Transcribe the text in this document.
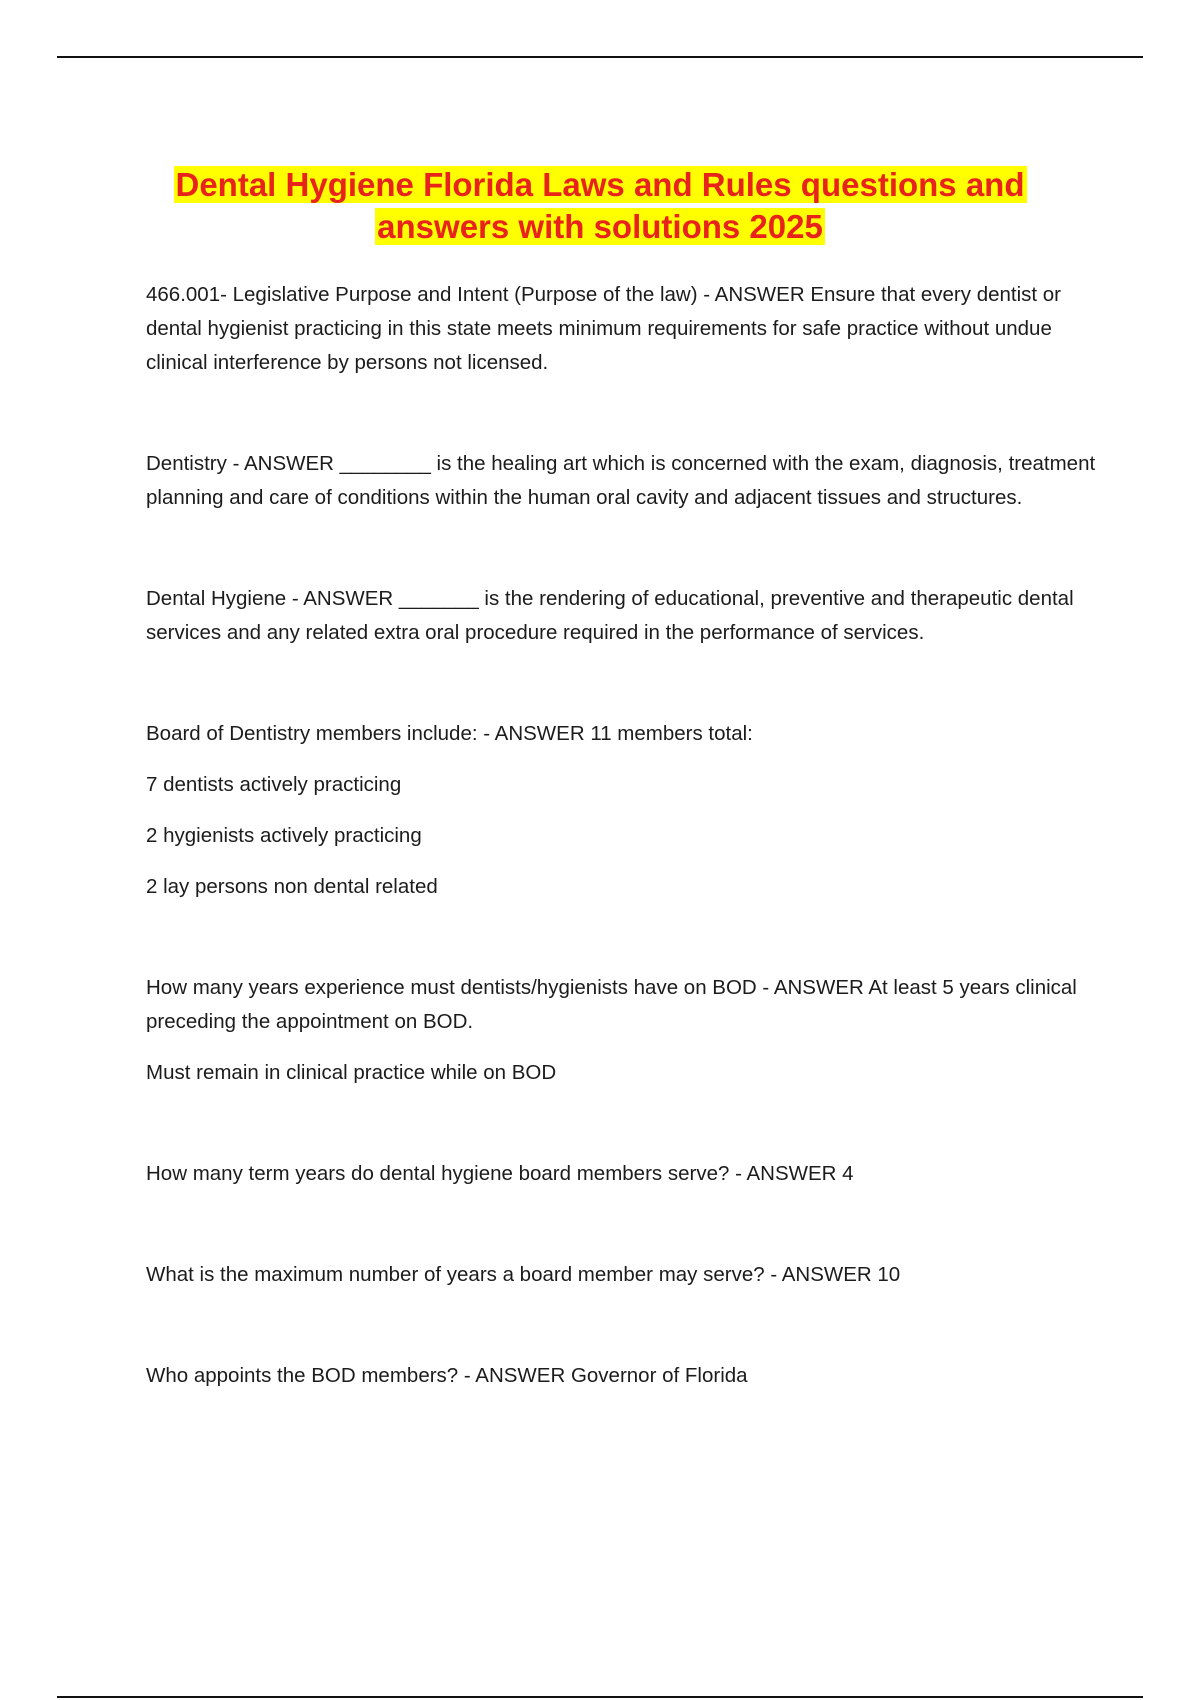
Dental Hygiene Florida Laws and Rules questions and
answers with solutions 2025

466.001- Legislative Purpose and Intent (Purpose of the law) - ANSWER Ensure that every dentist or dental hygienist practicing in this state meets minimum requirements for safe practice without undue clinical interference by persons not licensed.

Dentistry - ANSWER ________ is the healing art which is concerned with the exam, diagnosis, treatment planning and care of conditions within the human oral cavity and adjacent tissues and structures.

Dental Hygiene - ANSWER _______ is the rendering of educational, preventive and therapeutic dental services and any related extra oral procedure required in the performance of services.

Board of Dentistry members include: - ANSWER 11 members total:

7 dentists actively practicing

2 hygienists actively practicing

2 lay persons non dental related

How many years experience must dentists/hygienists have on BOD - ANSWER At least 5 years clinical preceding the appointment on BOD.

Must remain in clinical practice while on BOD

How many term years do dental hygiene board members serve? - ANSWER 4

What is the maximum number of years a board member may serve? - ANSWER 10

Who appoints the BOD members? - ANSWER Governor of Florida
